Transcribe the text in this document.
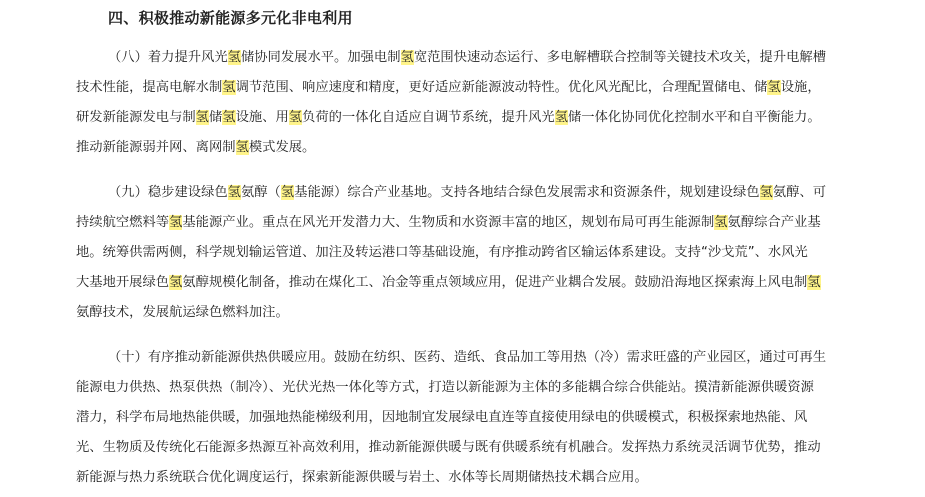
四、积极推动新能源多元化非电利用
（八）着力提升风光氢储协同发展水平。加强电制氢宽范围快速动态运行、多电解槽联合控制等关键技术攻关，提升电解槽
技术性能，提高电解水制氢调节范围、响应速度和精度，更好适应新能源波动特性。优化风光配比，合理配置储电、储氢设施，
研发新能源发电与制氢储氢设施、用氢负荷的一体化自适应自调节系统，提升风光氢储一体化协同优化控制水平和自平衡能力。
推动新能源弱并网、离网制氢模式发展。
（九）稳步建设绿色氢氨醇（氢基能源）综合产业基地。支持各地结合绿色发展需求和资源条件，规划建设绿色氢氨醇、可
持续航空燃料等氢基能源产业。重点在风光开发潜力大、生物质和水资源丰富的地区，规划布局可再生能源制氢氨醇综合产业基
地。统筹供需两侧，科学规划输运管道、加注及转运港口等基础设施，有序推动跨省区输运体系建设。支持“沙戈荒”、水风光
大基地开展绿色氢氨醇规模化制备，推动在煤化工、冶金等重点领域应用，促进产业耦合发展。鼓励沿海地区探索海上风电制氢
氨醇技术，发展航运绿色燃料加注。
（十）有序推动新能源供热供暖应用。鼓励在纺织、医药、造纸、食品加工等用热（冷）需求旺盛的产业园区，通过可再生
能源电力供热、热泵供热（制冷）、光伏光热一体化等方式，打造以新能源为主体的多能耦合综合供能站。摸清新能源供暖资源
潜力，科学布局地热能供暖，加强地热能梯级利用，因地制宜发展绿电直连等直接使用绿电的供暖模式，积极探索地热能、风
光、生物质及传统化石能源多热源互补高效利用，推动新能源供暖与既有供暖系统有机融合。发挥热力系统灵活调节优势，推动
新能源与热力系统联合优化调度运行，探索新能源供暖与岩土、水体等长周期储热技术耦合应用。
